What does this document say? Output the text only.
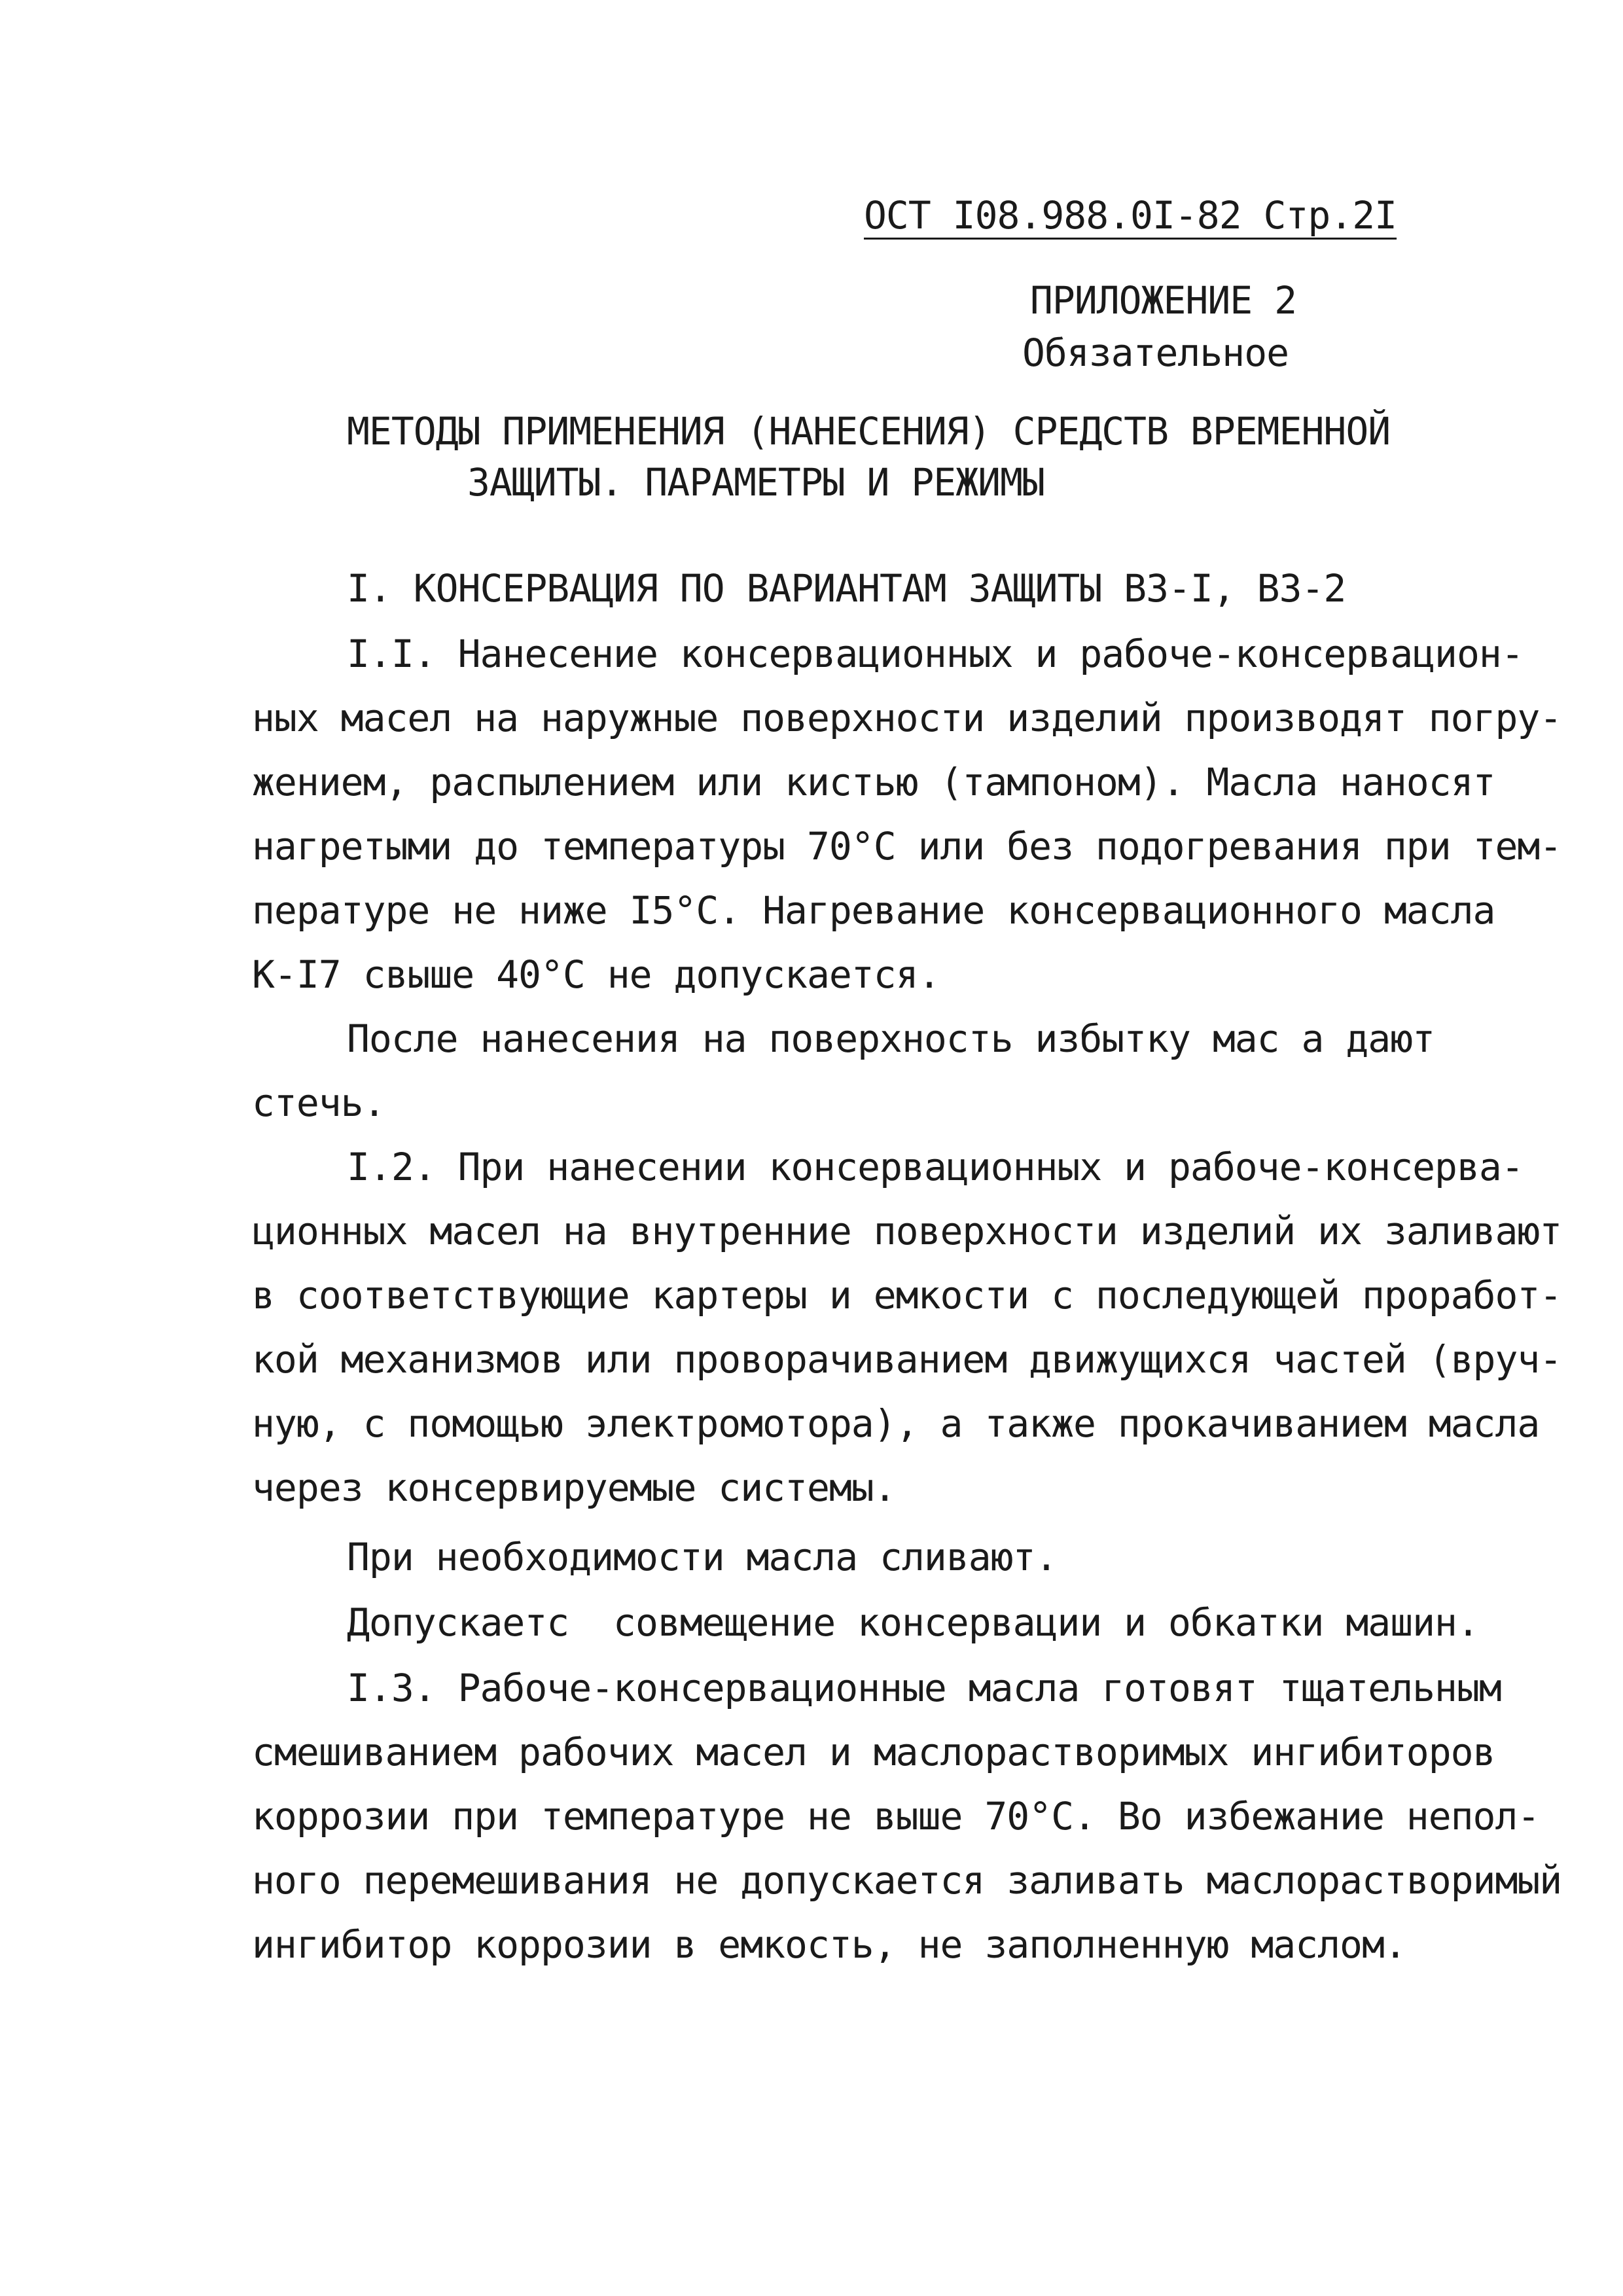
ОСТ I08.988.0I-82 Стр.2I
ПРИЛОЖЕНИЕ 2
Обязательное
МЕТОДЫ ПРИМЕНЕНИЯ (НАНЕСЕНИЯ) СРЕДСТВ ВРЕМЕННОЙ
ЗАЩИТЫ. ПАРАМЕТРЫ И РЕЖИМЫ
I. КОНСЕРВАЦИЯ ПО ВАРИАНТАМ ЗАЩИТЫ ВЗ-I, ВЗ-2
I.I. Нанесение консервационных и рабоче-консервацион-
ных масел на наружные поверхности изделий производят погру-
жением, распылением или кистью (тампоном). Масла наносят
нагретыми до температуры 70°С или без подогревания при тем-
пературе не ниже I5°С. Нагревание консервационного масла
К-I7 свыше 40°С не допускается.
После нанесения на поверхность избытку мас а дают
стечь.
I.2. При нанесении консервационных и рабоче-консерва-
ционных масел на внутренние поверхности изделий их заливают
в соответствующие картеры и емкости с последующей проработ-
кой механизмов или проворачиванием движущихся частей (вруч-
ную, с помощью электромотора), а также прокачиванием масла
через консервируемые системы.
При необходимости масла сливают.
Допускаетс  совмещение консервации и обкатки машин.
I.3. Рабоче-консервационные масла готовят тщательным
смешиванием рабочих масел и маслорастворимых ингибиторов
коррозии при температуре не выше 70°С. Во избежание непол-
ного перемешивания не допускается заливать маслорастворимый
ингибитор коррозии в емкость, не заполненную маслом.
